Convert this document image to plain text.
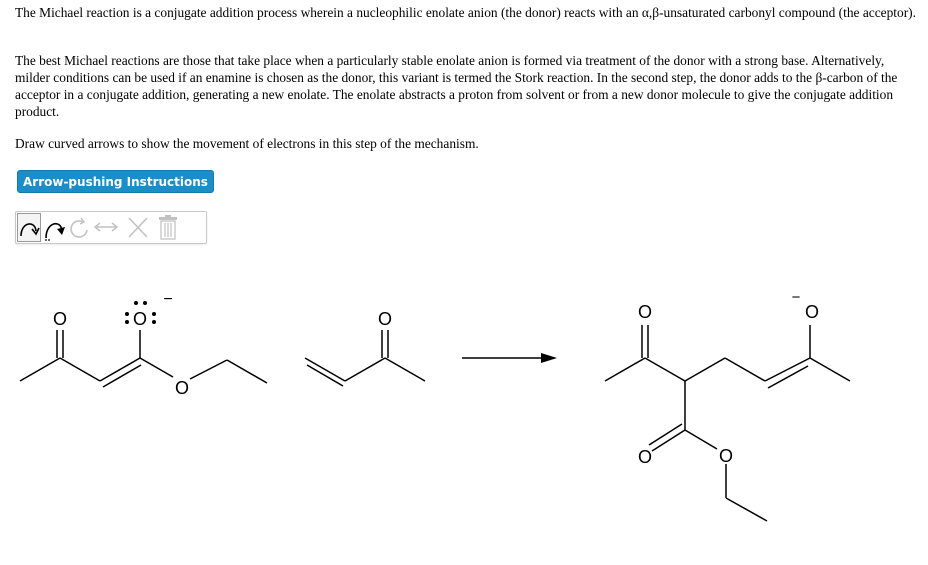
The Michael reaction is a conjugate addition process wherein a nucleophilic enolate anion (the donor) reacts with an α,β-unsaturated carbonyl compound (the acceptor).

The best Michael reactions are those that take place when a particularly stable enolate anion is formed via treatment of the donor with a strong base. Alternatively, milder conditions can be used if an enamine is chosen as the donor, this variant is termed the Stork reaction. In the second step, the donor adds to the β-carbon of the acceptor in a conjugate addition, generating a new enolate. The enolate abstracts a proton from solvent or from a new donor molecule to give the conjugate addition product.

Draw curved arrows to show the movement of electrons in this step of the mechanism.

Arrow-pushing Instructions
O	O
O
−
O	O	O
−
O	O
